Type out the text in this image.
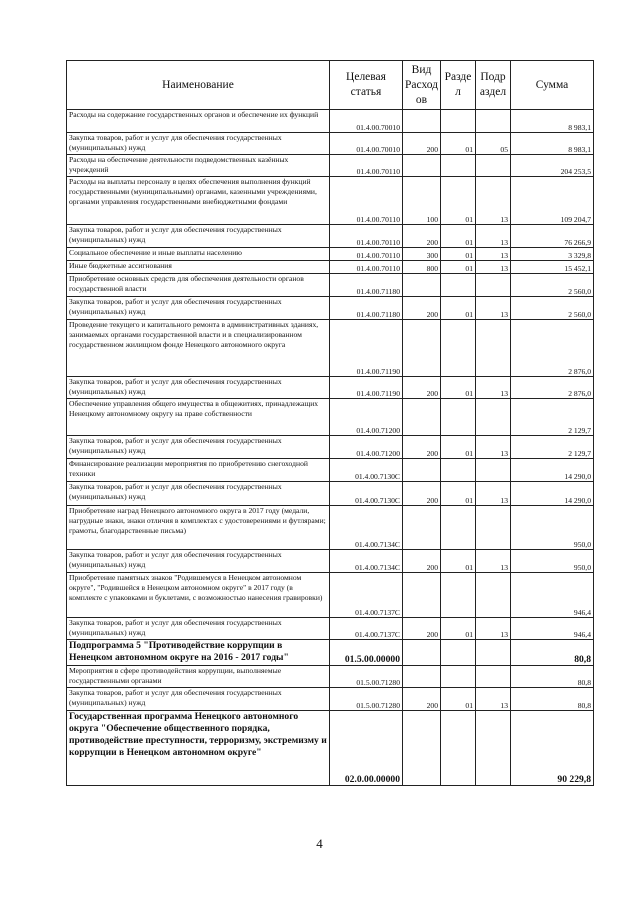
Наименование	Целевая статья	Вид Расход ов	Разде л	Подр аздел	Сумма
Расходы на содержание государственных органов и обеспечение их функций	01.4.00.70010				8 983,1
Закупка товаров, работ и услуг для обеспечения государственных (муниципальных) нужд	01.4.00.70010	200	01	05	8 983,1
Расходы на обеспечение деятельности подведомственных казённых учреждений	01.4.00.70110				204 253,5
Расходы на выплаты персоналу в целях обеспечения выполнения функций государственными (муниципальными) органами, казенными учреждениями, органами управления государственными внебюджетными фондами	01.4.00.70110	100	01	13	109 204,7
Закупка товаров, работ и услуг для обеспечения государственных (муниципальных) нужд	01.4.00.70110	200	01	13	76 266,9
Социальное обеспечение и иные выплаты населению	01.4.00.70110	300	01	13	3 329,8
Иные бюджетные ассигнования	01.4.00.70110	800	01	13	15 452,1
Приобретение основных средств для обеспечения деятельности органов государственной власти	01.4.00.71180				2 560,0
Закупка товаров, работ и услуг для обеспечения государственных (муниципальных) нужд	01.4.00.71180	200	01	13	2 560,0
Проведение текущего и капитального ремонта в административных зданиях, занимаемых органами государственной власти и в специализированном государственном жилищном фонде Ненецкого автономного округа	01.4.00.71190				2 876,0
Закупка товаров, работ и услуг для обеспечения государственных (муниципальных) нужд	01.4.00.71190	200	01	13	2 876,0
Обеспечение управления общего имущества в общежитиях, принадлежащих Ненецкому автономному округу на праве собственности	01.4.00.71200				2 129,7
Закупка товаров, работ и услуг для обеспечения государственных (муниципальных) нужд	01.4.00.71200	200	01	13	2 129,7
Финансирование реализации мероприятия по приобретению снегоходной техники	01.4.00.7130С				14 290,0
Закупка товаров, работ и услуг для обеспечения государственных (муниципальных) нужд	01.4.00.7130С	200	01	13	14 290,0
Приобретение наград Ненецкого автономного округа в 2017 году (медали, нагрудные знаки, знаки отличия в комплектах с удостоверениями и футлярами; грамоты, благодарственные письма)	01.4.00.7134С				950,0
Закупка товаров, работ и услуг для обеспечения государственных (муниципальных) нужд	01.4.00.7134С	200	01	13	950,0
Приобретение памятных знаков "Родившемуся в Ненецком автономном округе", "Родившейся в Ненецком автономном округе" в 2017 году (в комплекте с упаковками и буклетами, с возможностью нанесения гравировки)	01.4.00.7137С				946,4
Закупка товаров, работ и услуг для обеспечения государственных (муниципальных) нужд	01.4.00.7137С	200	01	13	946,4
Подпрограмма 5 "Противодействие коррупции в Ненецком автономном округе на 2016 - 2017 годы"	01.5.00.00000				80,8
Мероприятия в сфере противодействия коррупции, выполняемые государственными органами	01.5.00.71280				80,8
Закупка товаров, работ и услуг для обеспечения государственных (муниципальных) нужд	01.5.00.71280	200	01	13	80,8
Государственная программа Ненецкого автономного округа "Обеспечение общественного порядка, противодействие преступности, терроризму, экстремизму и коррупции в Ненецком автономном округе"	02.0.00.00000				90 229,8
4
